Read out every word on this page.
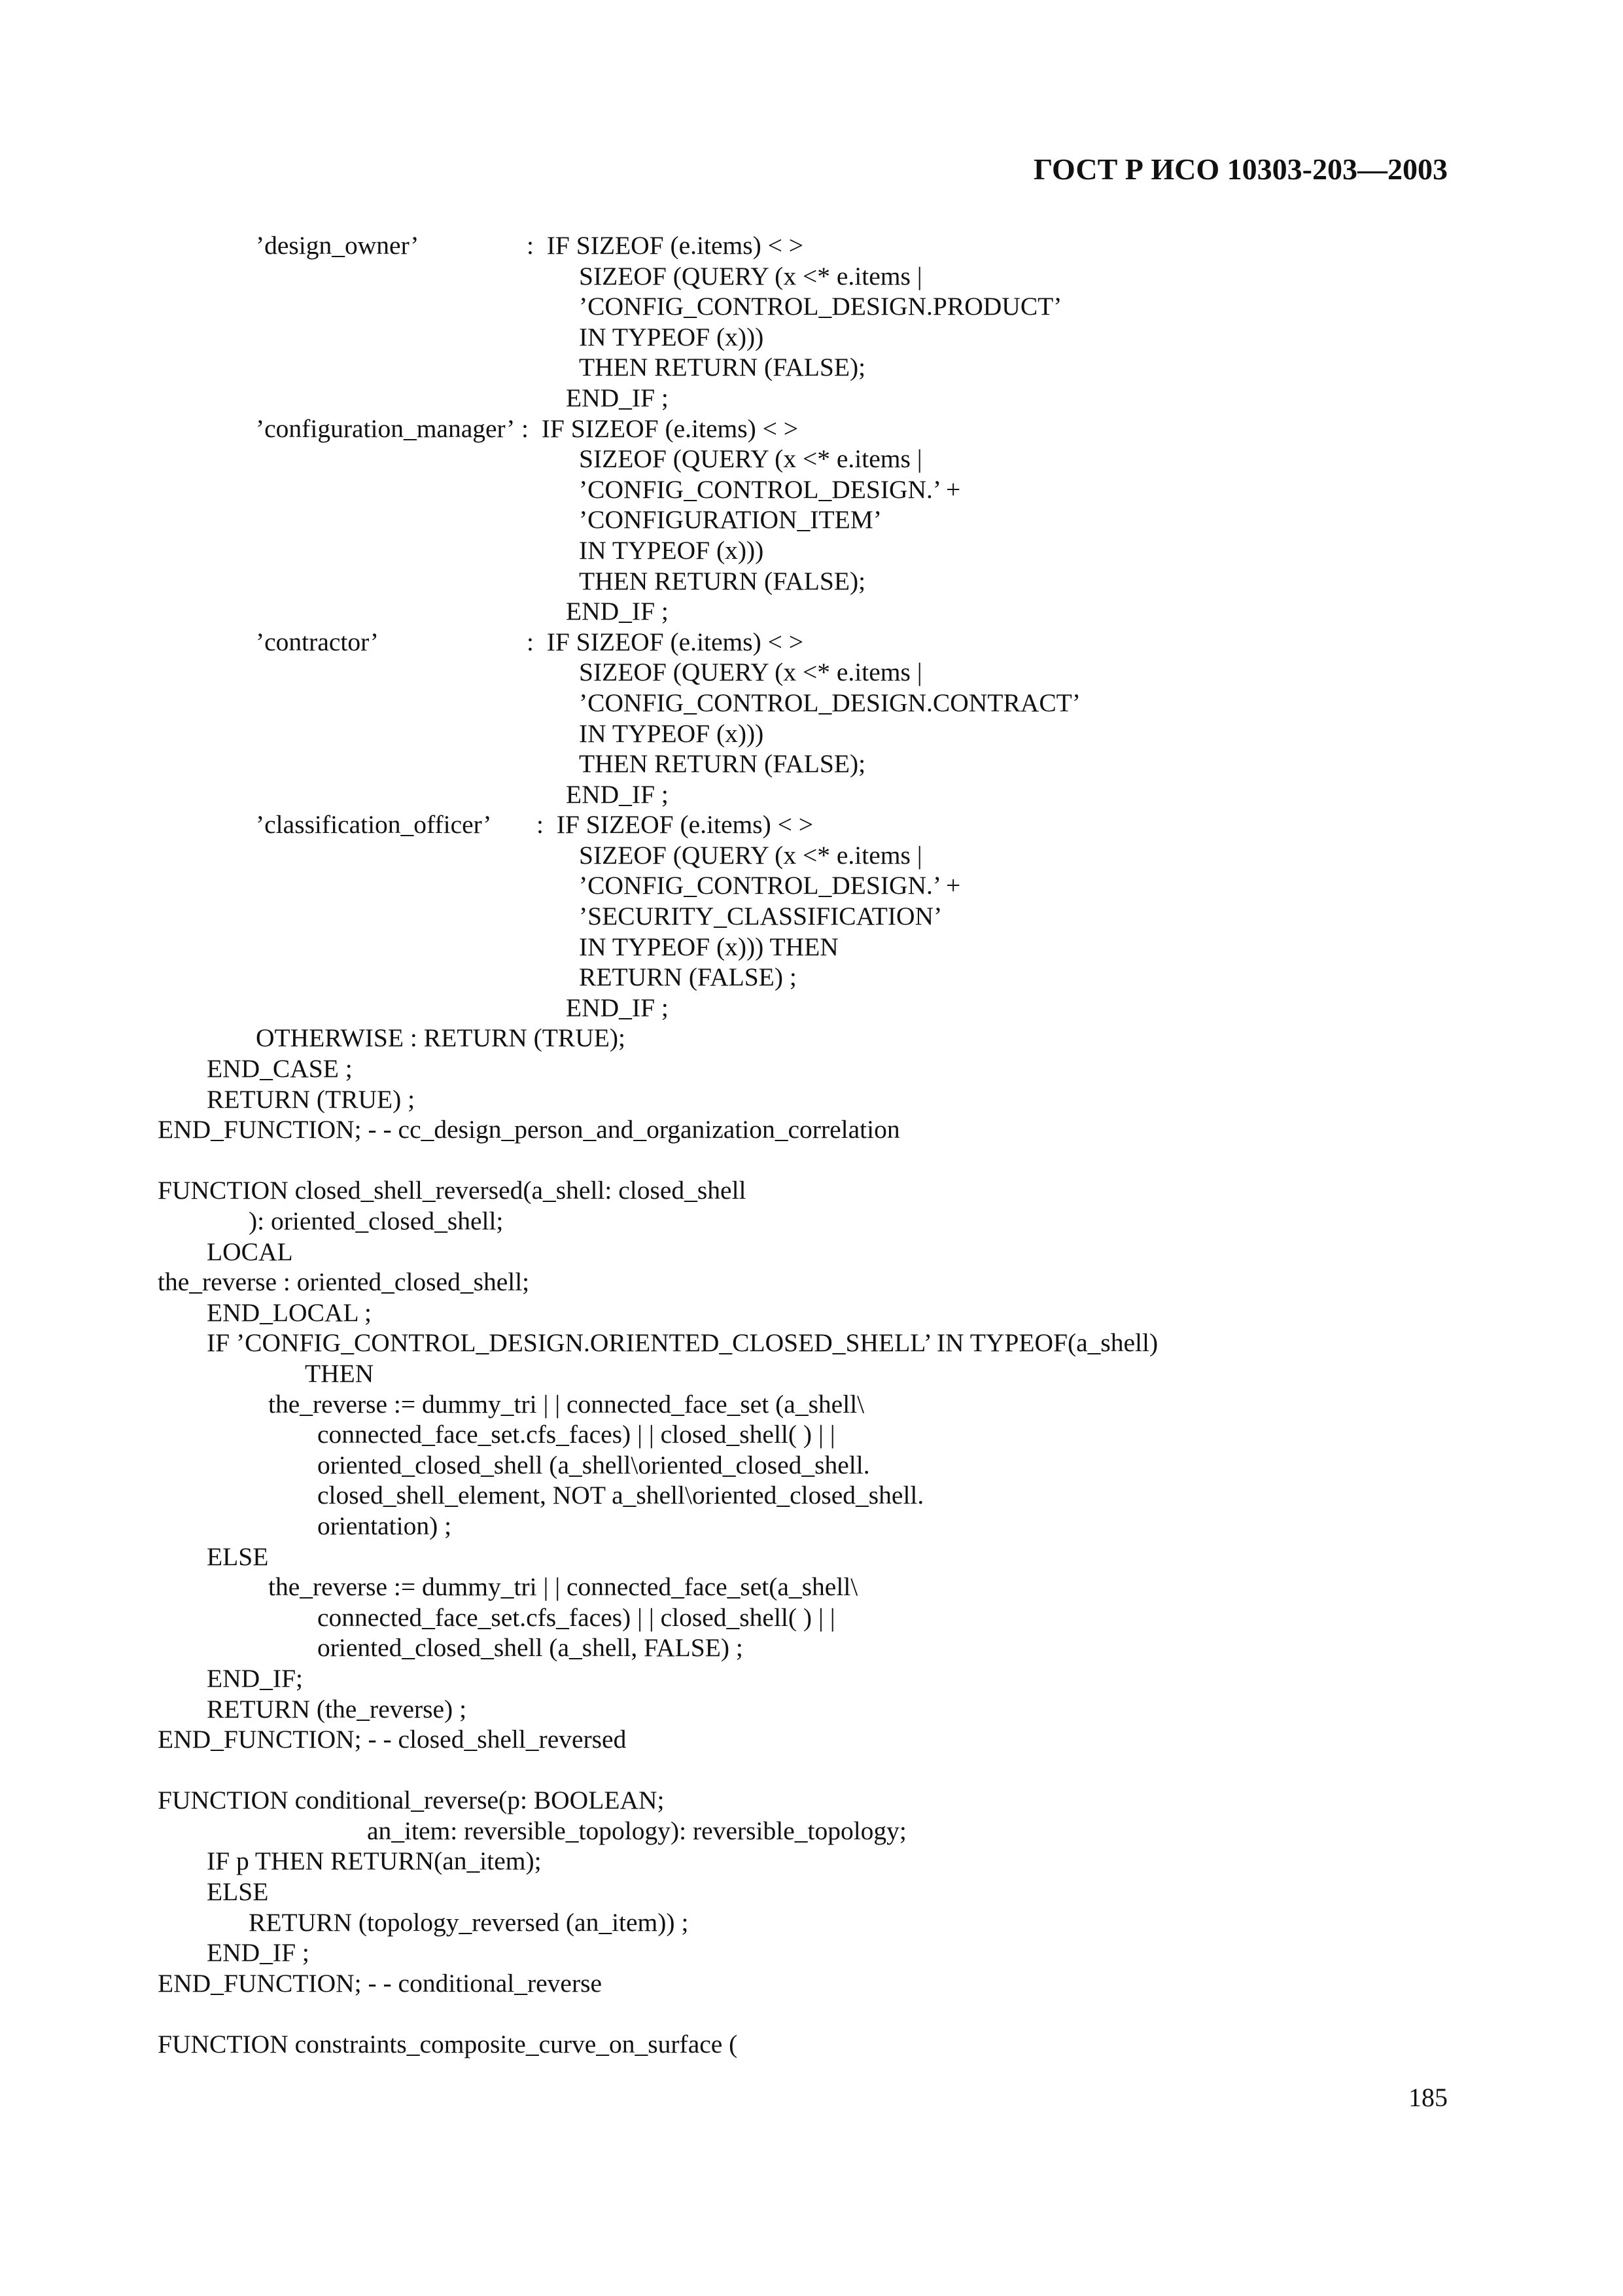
ГОСТ Р ИСО 10303-203—2003
’design_owner’	:  IF SIZEOF (e.items) < >
SIZEOF (QUERY (x <* e.items |
’CONFIG_CONTROL_DESIGN.PRODUCT’
IN TYPEOF (x)))
THEN RETURN (FALSE);
END_IF ;
’configuration_manager’ :  IF SIZEOF (e.items) < >
SIZEOF (QUERY (x <* e.items |
’CONFIG_CONTROL_DESIGN.’ +
’CONFIGURATION_ITEM’
IN TYPEOF (x)))
THEN RETURN (FALSE);
END_IF ;
’contractor’	:  IF SIZEOF (e.items) < >
SIZEOF (QUERY (x <* e.items |
’CONFIG_CONTROL_DESIGN.CONTRACT’
IN TYPEOF (x)))
THEN RETURN (FALSE);
END_IF ;
’classification_officer’ :  IF SIZEOF (e.items) < >
SIZEOF (QUERY (x <* e.items |
’CONFIG_CONTROL_DESIGN.’ +
’SECURITY_CLASSIFICATION’
IN TYPEOF (x))) THEN
RETURN (FALSE) ;
END_IF ;
OTHERWISE : RETURN (TRUE);
END_CASE ;
RETURN (TRUE) ;
END_FUNCTION; - - cc_design_person_and_organization_correlation
FUNCTION closed_shell_reversed(a_shell: closed_shell
): oriented_closed_shell;
LOCAL
the_reverse : oriented_closed_shell;
END_LOCAL ;
IF ’CONFIG_CONTROL_DESIGN.ORIENTED_CLOSED_SHELL’ IN TYPEOF(a_shell)
THEN
the_reverse := dummy_tri | | connected_face_set (a_shell\
connected_face_set.cfs_faces) | | closed_shell( ) | |
oriented_closed_shell (a_shell\oriented_closed_shell.
closed_shell_element, NOT a_shell\oriented_closed_shell.
orientation) ;
ELSE
the_reverse := dummy_tri | | connected_face_set(a_shell\
connected_face_set.cfs_faces) | | closed_shell( ) | |
oriented_closed_shell (a_shell, FALSE) ;
END_IF;
RETURN (the_reverse) ;
END_FUNCTION; - - closed_shell_reversed
FUNCTION conditional_reverse(p: BOOLEAN;
an_item: reversible_topology): reversible_topology;
IF p THEN RETURN(an_item);
ELSE
RETURN (topology_reversed (an_item)) ;
END_IF ;
END_FUNCTION; - - conditional_reverse
FUNCTION constraints_composite_curve_on_surface (
185
